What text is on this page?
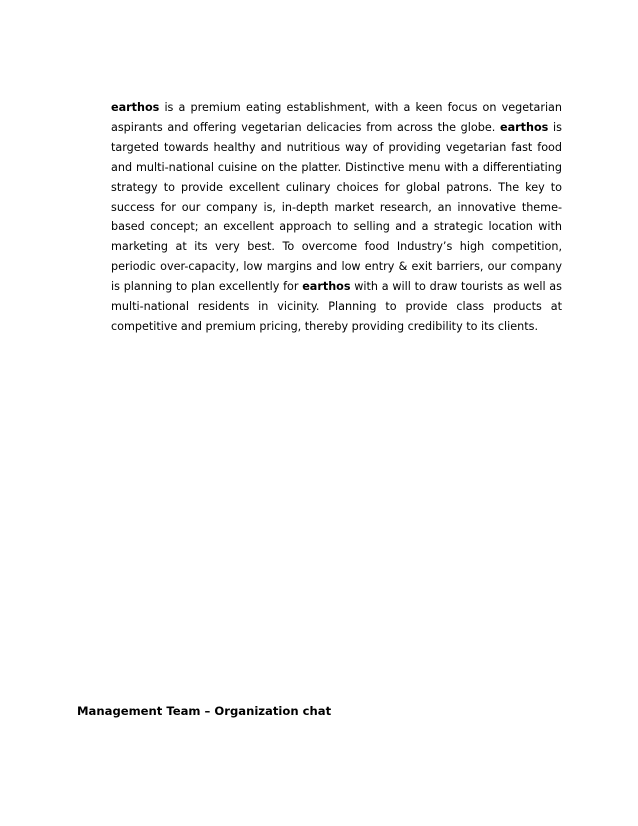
earthos is a premium eating establishment, with a keen focus on vegetarian aspirants and offering vegetarian delicacies from across the globe. earthos is targeted towards healthy and nutritious way of providing vegetarian fast food and multi-national cuisine on the platter. Distinctive menu with a differentiating strategy to provide excellent culinary choices for global patrons. The key to success for our company is, in-depth market research, an innovative theme-based concept; an excellent approach to selling and a strategic location with marketing at its very best. To overcome food Industry’s high competition, periodic over-capacity, low margins and low entry & exit barriers, our company is planning to plan excellently for earthos with a will to draw tourists as well as multi-national residents in vicinity. Planning to provide class products at competitive and premium pricing, thereby providing credibility to its clients.

Management Team – Organization chat
